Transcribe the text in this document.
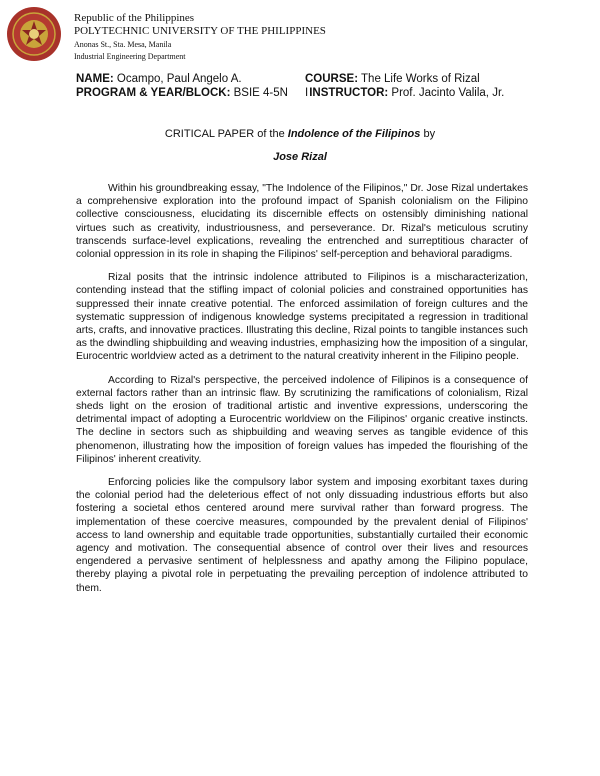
Republic of the Philippines
POLYTECHNIC UNIVERSITY OF THE PHILIPPINES
Anonas St., Sta. Mesa, Manila
Industrial Engineering Department
NAME: Ocampo, Paul Angelo A.	COURSE: The Life Works of Rizal
PROGRAM & YEAR/BLOCK: BSIE 4-5N	IINSTRUCTOR: Prof. Jacinto Valila, Jr.
CRITICAL PAPER of the Indolence of the Filipinos by
Jose Rizal

Within his groundbreaking essay, "The Indolence of the Filipinos," Dr. Jose Rizal undertakes a comprehensive exploration into the profound impact of Spanish colonialism on the Filipino collective consciousness, elucidating its discernible effects on ostensibly diminishing national virtues such as creativity, industriousness, and perseverance. Dr. Rizal's meticulous scrutiny transcends surface-level explications, revealing the entrenched and surreptitious character of colonial oppression in its role in shaping the Filipinos' self-perception and behavioral paradigms.

Rizal posits that the intrinsic indolence attributed to Filipinos is a mischaracterization, contending instead that the stifling impact of colonial policies and constrained opportunities has suppressed their innate creative potential. The enforced assimilation of foreign cultures and the systematic suppression of indigenous knowledge systems precipitated a regression in traditional arts, crafts, and innovative practices. Illustrating this decline, Rizal points to tangible instances such as the dwindling shipbuilding and weaving industries, emphasizing how the imposition of a singular, Eurocentric worldview acted as a detriment to the natural creativity inherent in the Filipino people.

According to Rizal's perspective, the perceived indolence of Filipinos is a consequence of external factors rather than an intrinsic flaw. By scrutinizing the ramifications of colonialism, Rizal sheds light on the erosion of traditional artistic and inventive expressions, underscoring the detrimental impact of adopting a Eurocentric worldview on the Filipinos' organic creative instincts. The decline in sectors such as shipbuilding and weaving serves as tangible evidence of this phenomenon, illustrating how the imposition of foreign values has impeded the flourishing of the Filipinos' inherent creativity.

Enforcing policies like the compulsory labor system and imposing exorbitant taxes during the colonial period had the deleterious effect of not only dissuading industrious efforts but also fostering a societal ethos centered around mere survival rather than forward progress. The implementation of these coercive measures, compounded by the prevalent denial of Filipinos' access to land ownership and equitable trade opportunities, substantially curtailed their economic agency and motivation. The consequential absence of control over their lives and resources engendered a pervasive sentiment of helplessness and apathy among the Filipino populace, thereby playing a pivotal role in perpetuating the prevailing perception of indolence attributed to them.
